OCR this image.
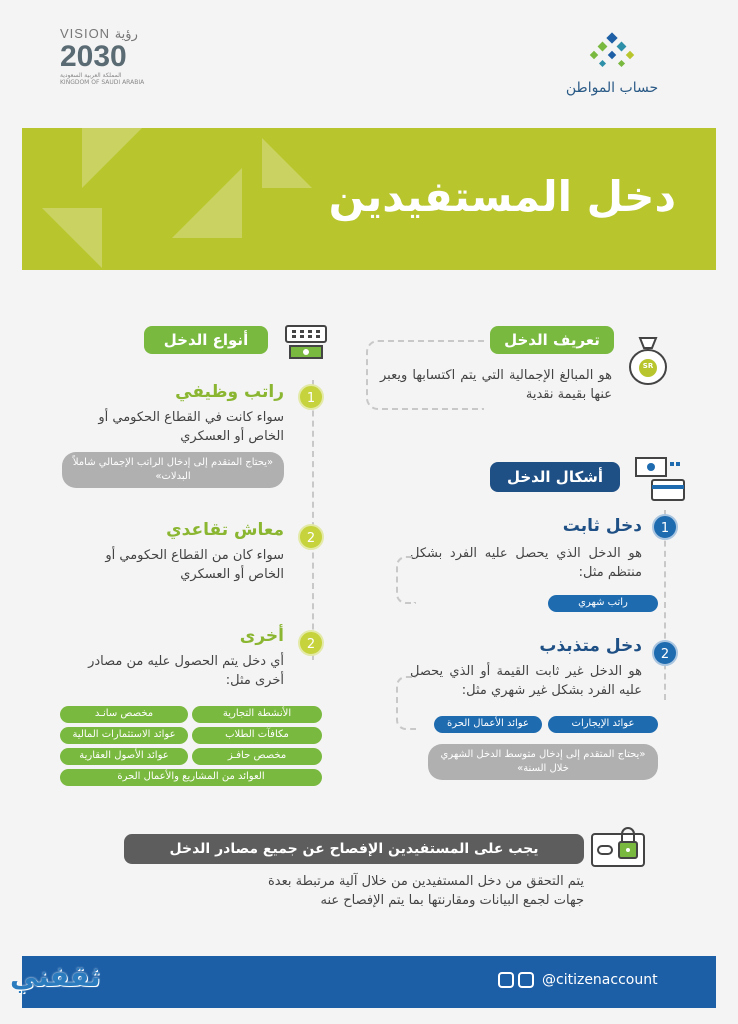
VISION رؤية
2030
المملكة العربية السعودية
KINGDOM OF SAUDI ARABIA	حساب المواطن
دخل المستفيدين
SR
تعريف الدخل
هو المبالغ الإجمالية التي يتم اكتسابها ويعبر عنها بقيمة نقدية
أنواع الدخل
1
راتب وظيفي
سواء كانت في القطاع الحكومي أو الخاص أو العسكري
«يحتاج المتقدم إلى إدخال الراتب الإجمالي شاملاً البدلات»
2
معاش تقاعدي
سواء كان من القطاع الحكومي أو الخاص أو العسكري
2
أخرى
أي دخل يتم الحصول عليه من مصادر أخرى مثل:
الأنشطة التجارية
مخصص سانـد
مكافآت الطلاب
عوائد الاستثمارات المالية
مخصص حافـز
عوائد الأصول العقارية
العوائد من المشاريع والأعمال الحرة
أشكال الدخل
1
دخل ثابت
هو الدخل الذي يحصل عليه الفرد بشكل منتظم مثل:
راتب شهري
2
دخل متذبذب
هو الدخل غير ثابت القيمة أو الذي يحصل عليه الفرد بشكل غير شهري مثل:
عوائد الإيجارات
عوائد الأعمال الحرة
«يحتاج المتقدم إلى إدخال متوسط الدخل الشهري خلال السنة»
يجب على المستفيدين الإفصاح عن جميع مصادر الدخل
يتم التحقق من دخل المستفيدين من خلال آلية مرتبطة بعدة جهات لجمع البيانات ومقارنتها بما يتم الإفصاح عنه
@citizenaccount
ثقفني
